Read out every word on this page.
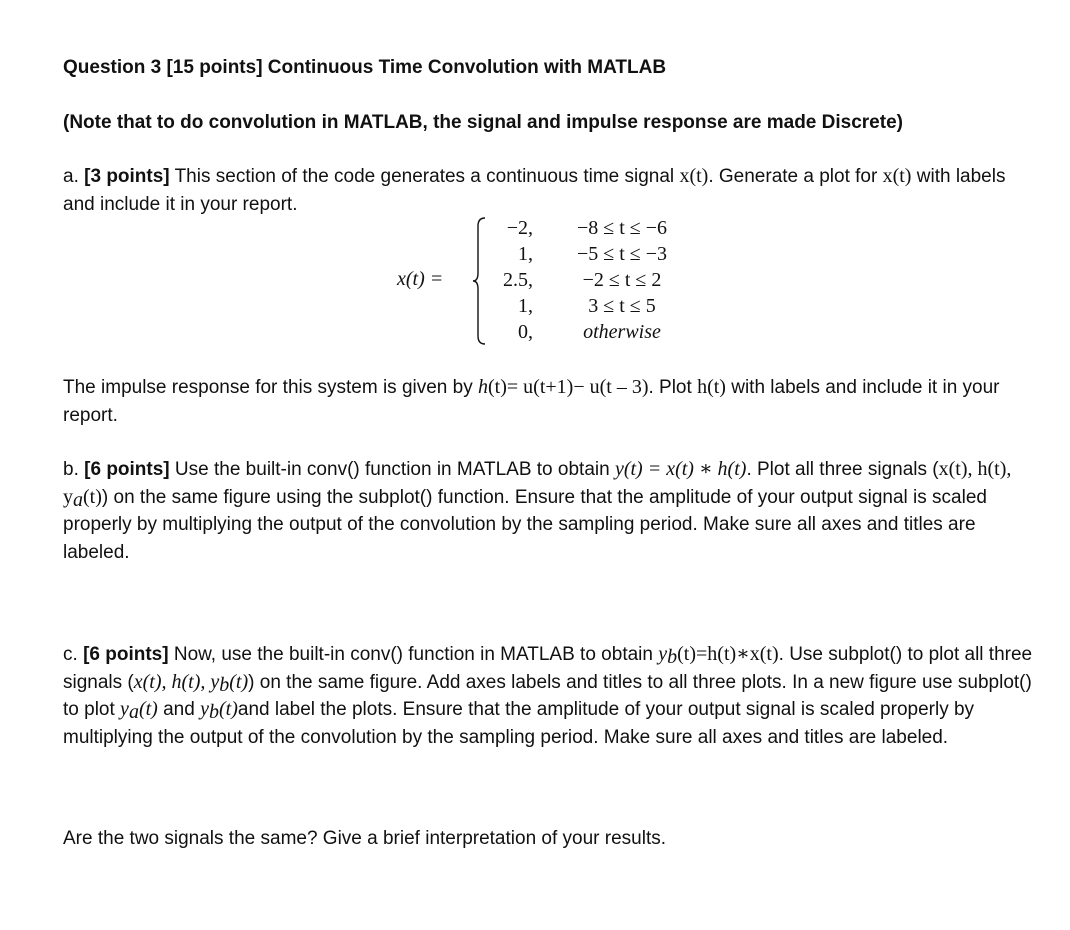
Question 3 [15 points] Continuous Time Convolution with MATLAB
(Note that to do convolution in MATLAB, the signal and impulse response are made Discrete)
a. [3 points] This section of the code generates a continuous time signal x(t). Generate a plot for x(t) with labels and include it in your report.
x(t) =
−2,	−8 ≤ t ≤ −6
1,	−5 ≤ t ≤ −3
2.5,	−2 ≤ t ≤ 2
1,	3 ≤ t ≤ 5
0,	otherwise
The impulse response for this system is given by h(t)= u(t+1)− u(t – 3). Plot h(t) with labels and include it in your report.
b. [6 points] Use the built-in conv() function in MATLAB to obtain y(t) = x(t) ∗ h(t). Plot all three signals (x(t), h(t), $y_a(t)$) on the same figure using the subplot() function. Ensure that the amplitude of your output signal is scaled properly by multiplying the output of the convolution by the sampling period. Make sure all axes and titles are labeled.
c. [6 points] Now, use the built-in conv() function in MATLAB to obtain $y_b(t)=h(t)∗x(t)$. Use subplot() to plot all three signals (x(t), h(t), $y_b(t)$) on the same figure. Add axes labels and titles to all three plots. In a new figure use subplot() to plot $y_a(t)$ and $y_b(t)and$ label the plots. Ensure that the amplitude of your output signal is scaled properly by multiplying the output of the convolution by the sampling period. Make sure all axes and titles are labeled.
Are the two signals the same? Give a brief interpretation of your results.
